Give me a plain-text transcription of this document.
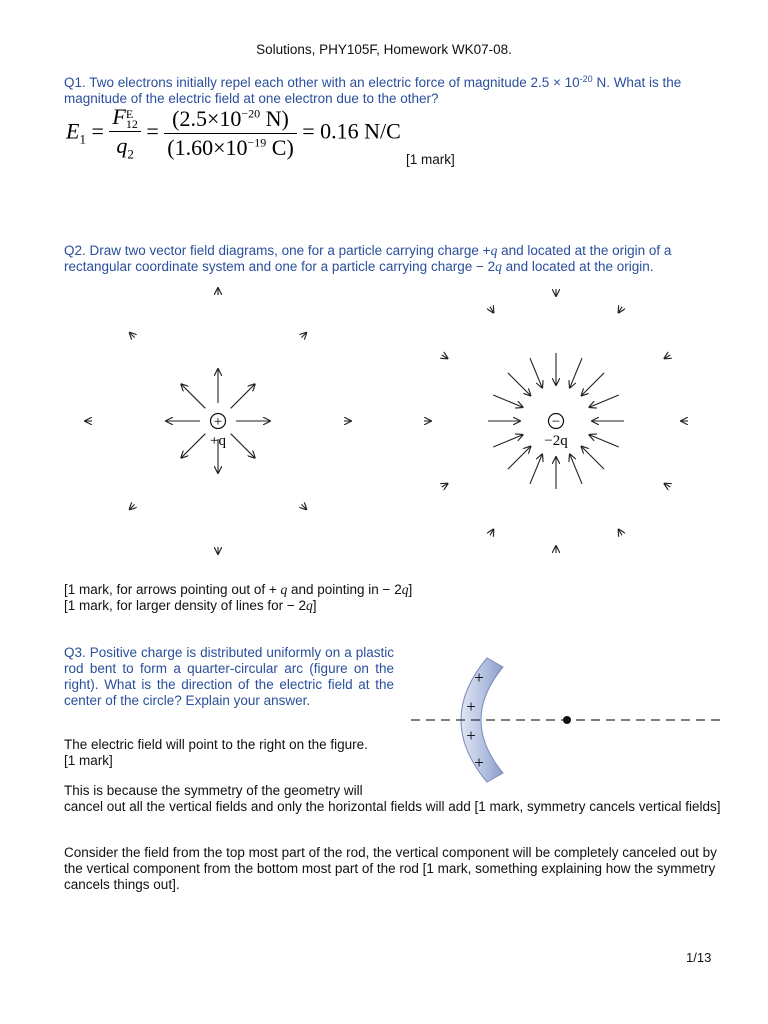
Solutions, PHY105F, Homework WK07-08.
Q1. Two electrons initially repel each other with an electric force of magnitude $2.5 \times 10^{-20}$ N. What is the magnitude of the electric field at one electron due to the other?
$E_1 = F$ E
12
$q_2 = \frac{(2.5\times 10^{-20} N)}{(1.60\times 10^{-19} C)} = 0.16$ N/C
[1 mark]
Q2. Draw two vector field diagrams, one for a particle carrying charge +q and located at the origin of a rectangular coordinate system and one for a particle carrying charge − 2q and located at the origin.
+
+q
−
−2q
[1 mark, for arrows pointing out of + q and pointing in − 2q]
[1 mark, for larger density of lines for − 2q]
Q3. Positive charge is distributed uniformly on a plastic rod bent to form a quarter-circular arc (figure on the right). What is the direction of the electric field at the center of the circle? Explain your answer.
+
+
+
+
The electric field will point to the right on the figure.
[1 mark]
This is because the symmetry of the geometry will
cancel out all the vertical fields and only the horizontal fields will add [1 mark, symmetry cancels vertical fields]
Consider the field from the top most part of the rod, the vertical component will be completely canceled out by the vertical component from the bottom most part of the rod [1 mark, something explaining how the symmetry cancels things out].
1/13
